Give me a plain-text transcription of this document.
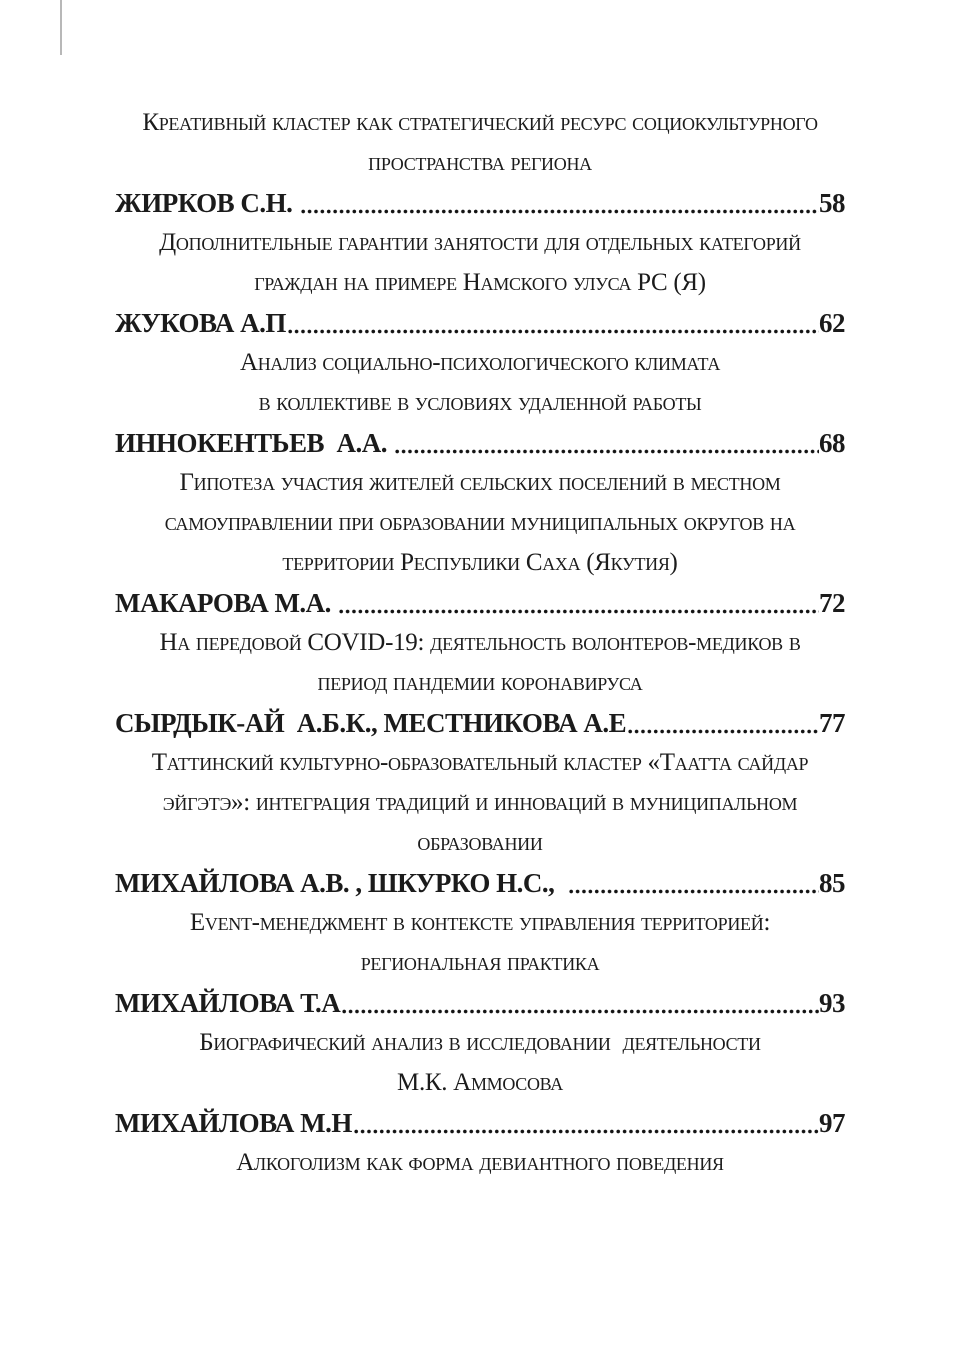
Креативный кластер как стратегический ресурс социокультурного
пространства региона
ЖИРКОВ С.Н.	58
Дополнительные гарантии занятости для отдельных категорий
граждан на примере Намского улуса РС (Я)
ЖУКОВА А.П	62
Анализ социально-психологического климата
в коллективе в условиях удаленной работы
ИННОКЕНТЬЕВ  А.А.	68
Гипотеза участия жителей сельских поселений в местном
самоуправлении при образовании муниципальных округов на
территории Республики Саха (Якутия)
МАКАРОВА М.А.	72
На передовой COVID-19: деятельность волонтеров-медиков в
период пандемии коронавируса
СЫРДЫК-АЙ  А.Б.К., МЕСТНИКОВА А.Е	77
Таттинский культурно-образовательный кластер «Таатта сайдар
эйгэтэ»: интеграция традиций и инноваций в муниципальном
образовании
МИХАЙЛОВА А.В. , ШКУРКО Н.С.,	85
Event-менеджмент в контексте управления территорией:
региональная практика
МИХАЙЛОВА Т.А	93
Биографический анализ в исследовании  деятельности
М.К. Аммосова
МИХАЙЛОВА М.Н	97
Алкоголизм как форма девиантного поведения
